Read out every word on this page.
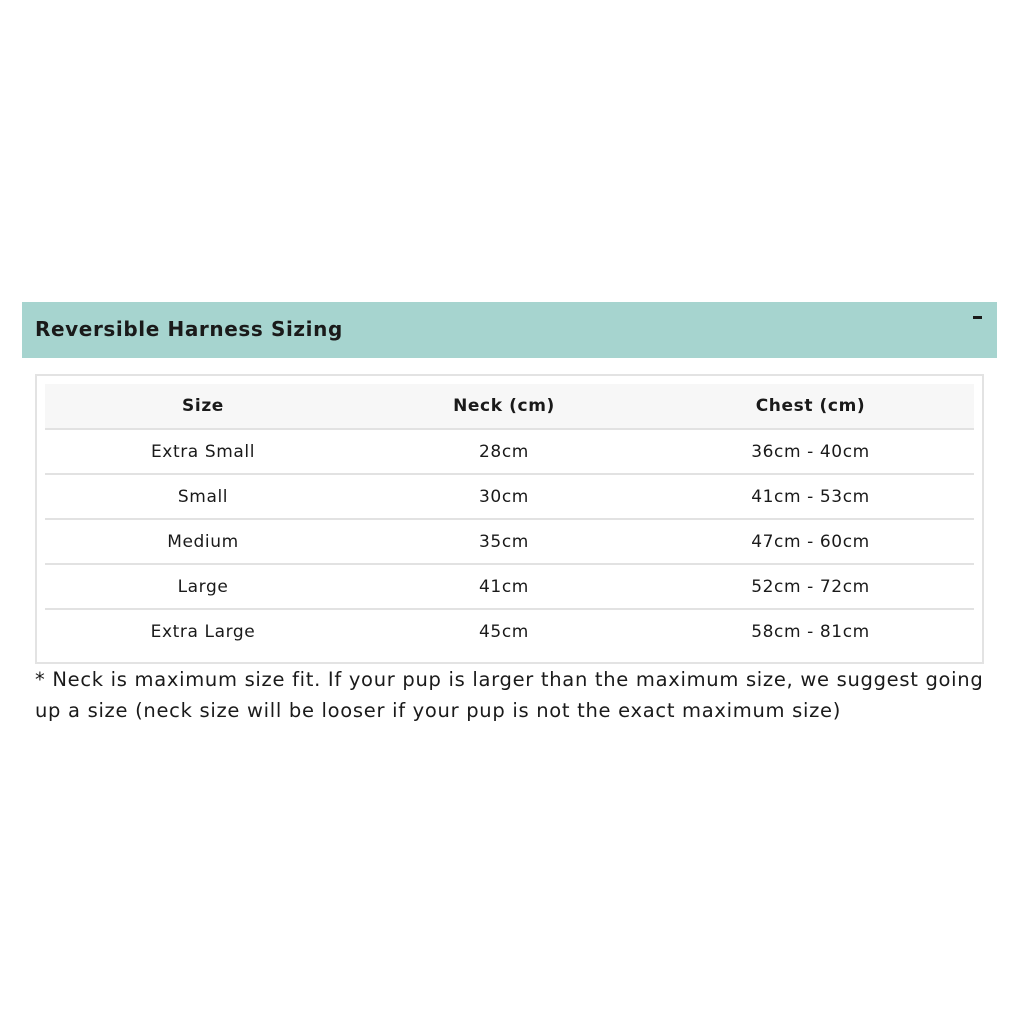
Reversible Harness Sizing
Size	Neck (cm)	Chest (cm)
Extra Small	28cm	36cm - 40cm
Small	30cm	41cm - 53cm
Medium	35cm	47cm - 60cm
Large	41cm	52cm - 72cm
Extra Large	45cm	58cm - 81cm
* Neck is maximum size fit. If your pup is larger than the maximum size, we suggest going up a size (neck size will be looser if your pup is not the exact maximum size)
